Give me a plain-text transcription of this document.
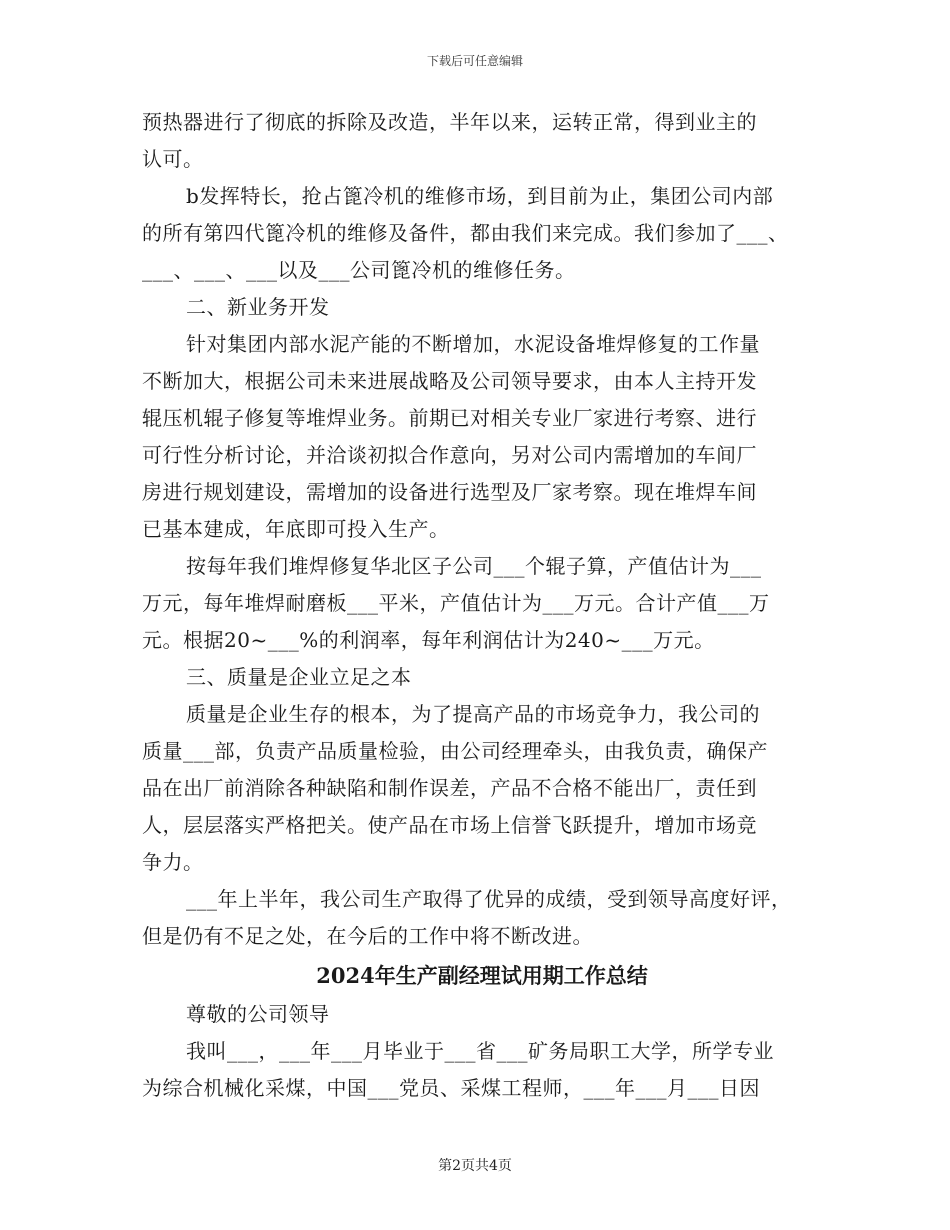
下载后可任意编辑
预热器进行了彻底的拆除及改造，半年以来，运转正常，得到业主的
认可。
b发挥特长，抢占篦冷机的维修市场，到目前为止，集团公司内部
的所有第四代篦冷机的维修及备件，都由我们来完成。我们参加了___、
___、___、___以及___公司篦冷机的维修任务。
二、新业务开发
针对集团内部水泥产能的不断增加，水泥设备堆焊修复的工作量
不断加大，根据公司未来进展战略及公司领导要求，由本人主持开发
辊压机辊子修复等堆焊业务。前期已对相关专业厂家进行考察、进行
可行性分析讨论，并洽谈初拟合作意向，另对公司内需增加的车间厂
房进行规划建设，需增加的设备进行选型及厂家考察。现在堆焊车间
已基本建成，年底即可投入生产。
按每年我们堆焊修复华北区子公司___个辊子算，产值估计为___
万元，每年堆焊耐磨板___平米，产值估计为___万元。合计产值___万
元。根据20~___%的利润率，每年利润估计为240~___万元。
三、质量是企业立足之本
质量是企业生存的根本，为了提高产品的市场竞争力，我公司的
质量___部，负责产品质量检验，由公司经理牵头，由我负责，确保产
品在出厂前消除各种缺陷和制作误差，产品不合格不能出厂，责任到
人，层层落实严格把关。使产品在市场上信誉飞跃提升，增加市场竞
争力。
___年上半年，我公司生产取得了优异的成绩，受到领导高度好评，
但是仍有不足之处，在今后的工作中将不断改进。
2024年生产副经理试用期工作总结
尊敬的公司领导
我叫___，___年___月毕业于___省___矿务局职工大学，所学专业
为综合机械化采煤，中国___党员、采煤工程师，___年___月___日因
第2页共4页
